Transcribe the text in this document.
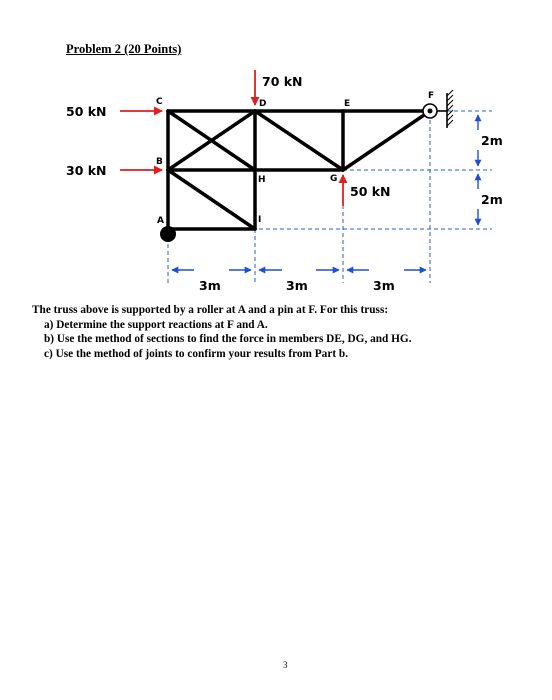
Problem 2 (20 Points)
C
B
A
D	E
F
G
H
I
70 kN
50 kN
30 kN
50 kN
3m	3m	3m
2m
2m
The truss above is supported by a roller at A and a pin at F. For this truss:
a) Determine the support reactions at F and A.
b) Use the method of sections to find the force in members DE, DG, and HG.
c) Use the method of joints to confirm your results from Part b.
3
